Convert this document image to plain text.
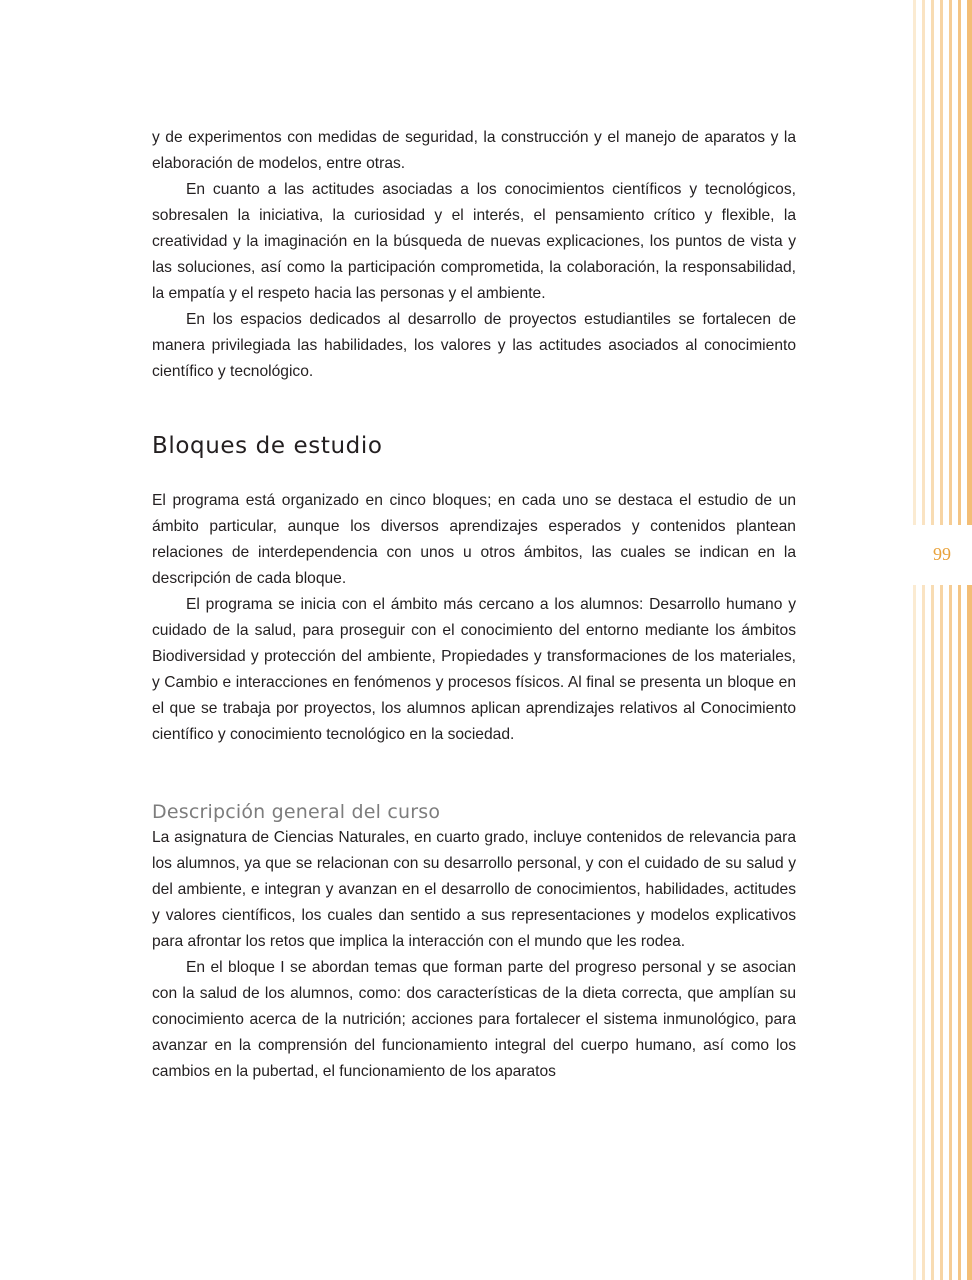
99

y de experimentos con medidas de seguridad, la construcción y el manejo de aparatos y la elaboración de modelos, entre otras.

En cuanto a las actitudes asociadas a los conocimientos científicos y tecnológicos, sobresalen la iniciativa, la curiosidad y el interés, el pensamiento crítico y flexible, la creatividad y la imaginación en la búsqueda de nuevas explicaciones, los puntos de vista y las soluciones, así como la participación comprometida, la colaboración, la responsabilidad, la empatía y el respeto hacia las personas y el ambiente.

En los espacios dedicados al desarrollo de proyectos estudiantiles se fortalecen de manera privilegiada las habilidades, los valores y las actitudes asociados al conocimiento científico y tecnológico.

Bloques de estudio

El programa está organizado en cinco bloques; en cada uno se destaca el estudio de un ámbito particular, aunque los diversos aprendizajes esperados y contenidos plantean relaciones de interdependencia con unos u otros ámbitos, las cuales se indican en la descripción de cada bloque.

El programa se inicia con el ámbito más cercano a los alumnos: Desarrollo humano y cuidado de la salud, para proseguir con el conocimiento del entorno mediante los ámbitos Biodiversidad y protección del ambiente, Propiedades y transformaciones de los materiales, y Cambio e interacciones en fenómenos y procesos físicos. Al final se presenta un bloque en el que se trabaja por proyectos, los alumnos aplican aprendizajes relativos al Conocimiento científico y conocimiento tecnológico en la sociedad.

Descripción general del curso

La asignatura de Ciencias Naturales, en cuarto grado, incluye contenidos de relevancia para los alumnos, ya que se relacionan con su desarrollo personal, y con el cuidado de su salud y del ambiente, e integran y avanzan en el desarrollo de conocimientos, habilidades, actitudes y valores científicos, los cuales dan sentido a sus representaciones y modelos explicativos para afrontar los retos que implica la interacción con el mundo que les rodea.

En el bloque I se abordan temas que forman parte del progreso personal y se asocian con la salud de los alumnos, como: dos características de la dieta correcta, que amplían su conocimiento acerca de la nutrición; acciones para fortalecer el sistema inmunológico, para avanzar en la comprensión del funcionamiento integral del cuerpo humano, así como los cambios en la pubertad, el funcionamiento de los aparatos
